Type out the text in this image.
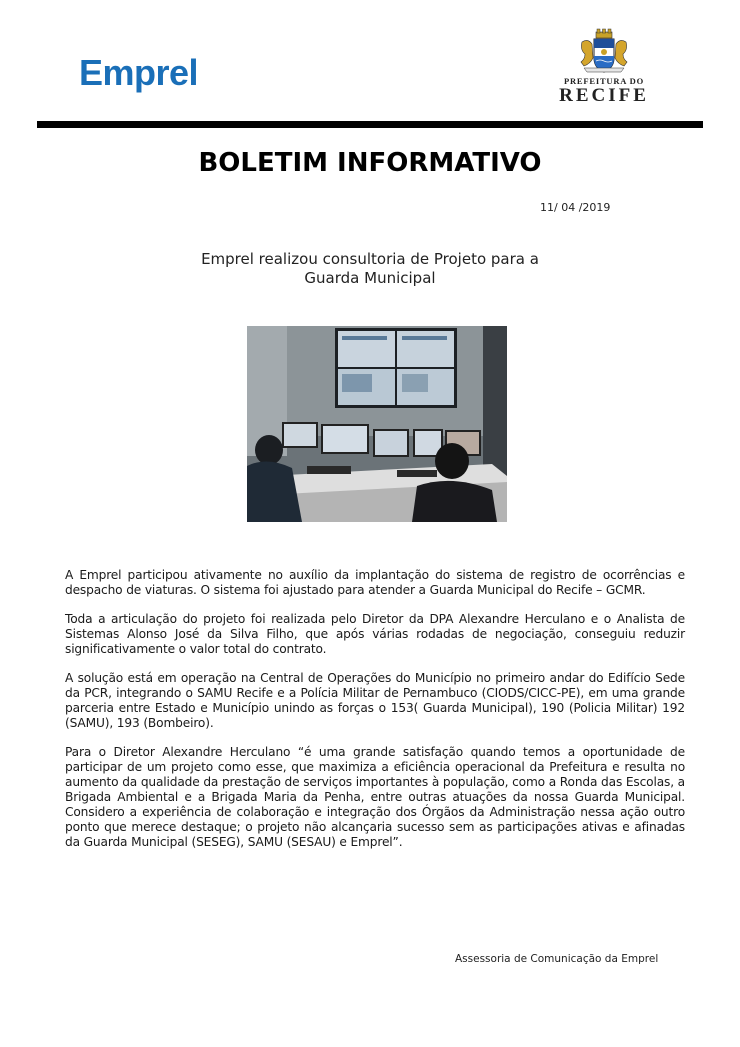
Emprel	PREFEITURA DO
RECIFE
BOLETIM INFORMATIVO
11/ 04 /2019
Emprel realizou consultoria de Projeto para a
Guarda Municipal

A Emprel participou ativamente no auxílio da implantação do sistema de registro de ocorrências e despacho de viaturas. O sistema foi ajustado para atender a Guarda Municipal do Recife – GCMR.

Toda a articulação do projeto foi realizada pelo Diretor da DPA Alexandre Herculano e o Analista de Sistemas Alonso José da Silva Filho, que após várias rodadas de negociação, conseguiu reduzir significativamente o valor total do contrato.

A solução está em operação na Central de Operações do Município no primeiro andar do Edifício Sede da PCR, integrando o SAMU Recife e a Polícia Militar de Pernambuco (CIODS/CICC-PE), em uma grande parceria entre Estado e Município unindo as forças o 153( Guarda Municipal), 190 (Policia Militar) 192 (SAMU), 193 (Bombeiro).

Para o Diretor Alexandre Herculano “é uma grande satisfação quando temos a oportunidade de participar de um projeto como esse, que maximiza a eficiência operacional da Prefeitura e resulta no aumento da qualidade da prestação de serviços importantes à população, como a Ronda das Escolas, a Brigada Ambiental e a Brigada Maria da Penha, entre outras atuações da nossa Guarda Municipal. Considero a experiência de colaboração e integração dos Órgãos da Administração nessa ação outro ponto que merece destaque; o projeto não alcançaria sucesso sem as participações ativas e afinadas da Guarda Municipal (SESEG), SAMU (SESAU) e Emprel”.

Assessoria de Comunicação da Emprel
